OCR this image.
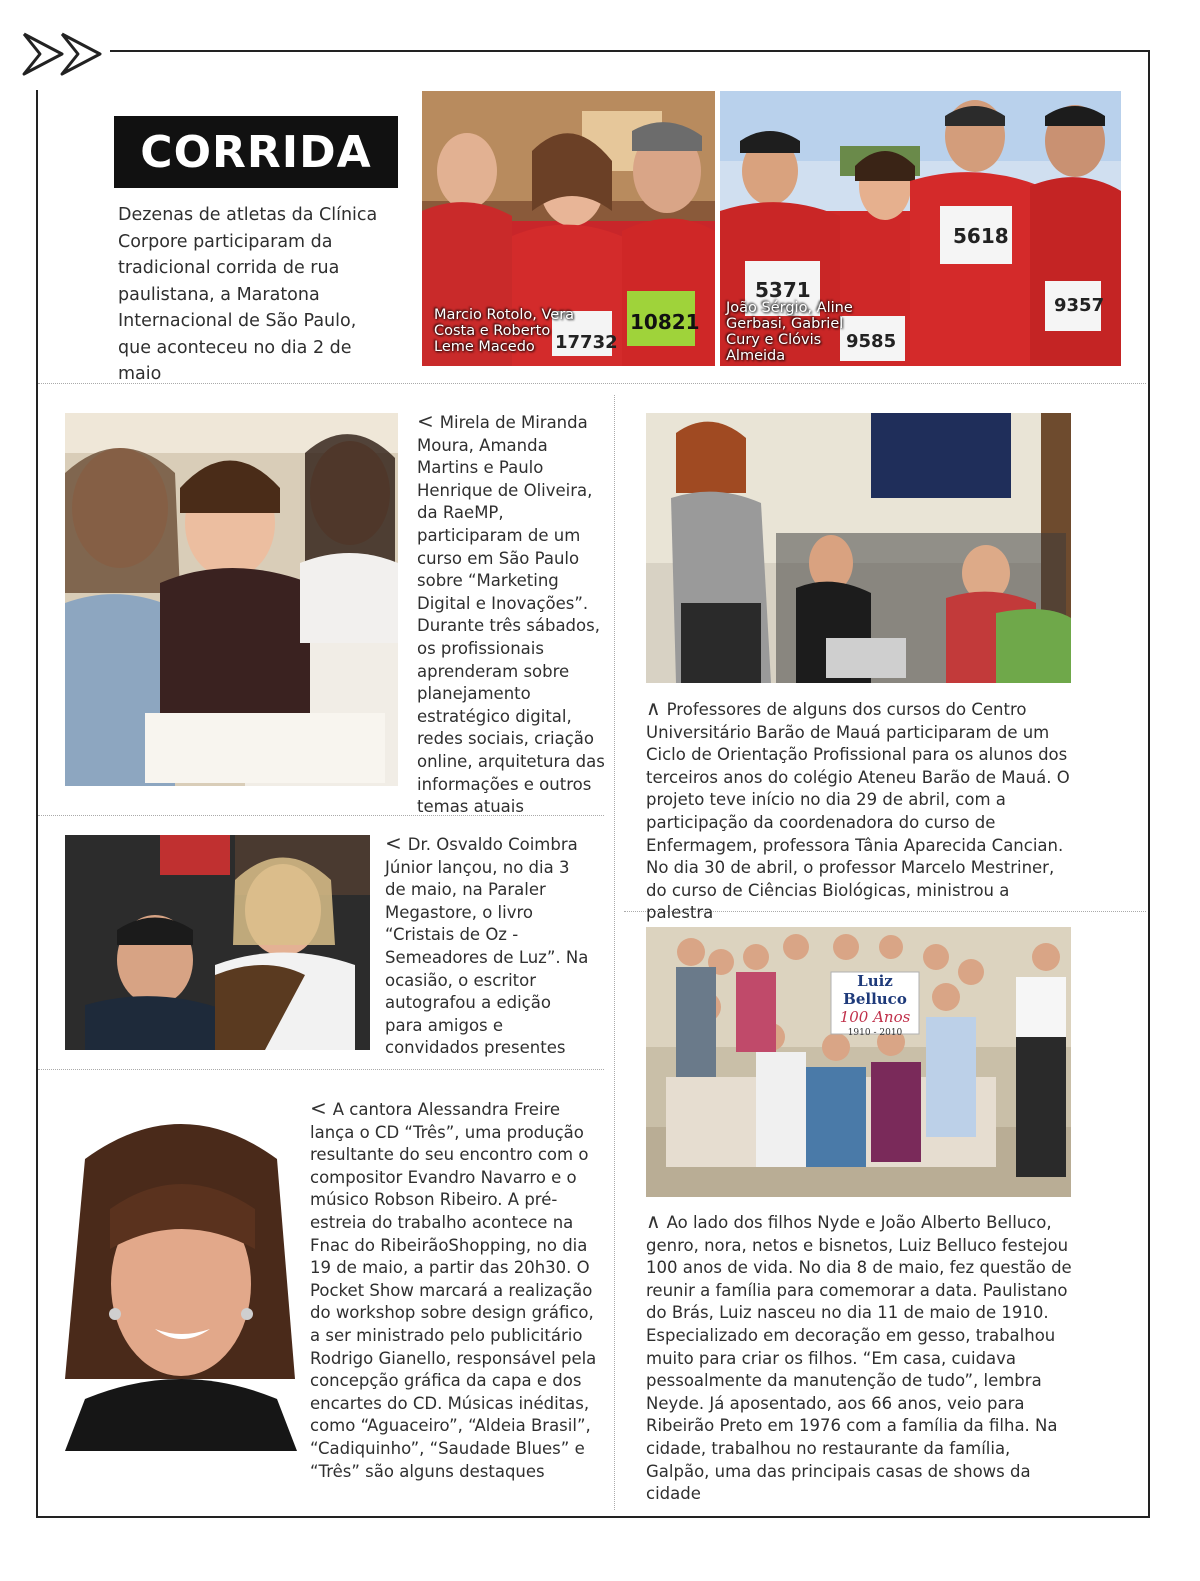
CORRIDA
Dezenas de atletas da Clínica Corpore participaram da tradicional corrida de rua paulistana, a Maratona Internacional de São Paulo, que aconteceu no dia 2 de maio
Marcio Rotolo, Vera Costa e Roberto Leme Macedo
10821
17732
João Sérgio, Aline Gerbasi, Gabriel Cury e Clóvis Almeida
5371
9585
5618
9357
< Mirela de Miranda Moura, Amanda Martins e Paulo Henrique de Oliveira, da RaeMP, participaram de um curso em São Paulo sobre “Marketing Digital e Inovações”. Durante três sábados, os profissionais aprenderam sobre planejamento estratégico digital, redes sociais, criação online, arquitetura das informações e outros temas atuais
∧ Professores de alguns dos cursos do Centro Universitário Barão de Mauá participaram de um Ciclo de Orientação Profissional para os alunos dos terceiros anos do colégio Ateneu Barão de Mauá. O projeto teve início no dia 29 de abril, com a participação da coordenadora do curso de Enfermagem, professora Tânia Aparecida Cancian. No dia 30 de abril, o professor Marcelo Mestriner, do curso de Ciências Biológicas, ministrou a palestra
< Dr. Osvaldo Coimbra Júnior lançou, no dia 3 de maio, na Paraler Megastore, o livro “Cristais de Oz - Semeadores de Luz”. Na ocasião, o escritor autografou a edição para amigos e convidados presentes
< A cantora Alessandra Freire lança o CD “Três”, uma produção resultante do seu encontro com o compositor Evandro Navarro e o músico Robson Ribeiro. A pré-estreia do trabalho acontece na Fnac do RibeirãoShopping, no dia 19 de maio, a partir das 20h30. O Pocket Show marcará a realização do workshop sobre design gráfico, a ser ministrado pelo publicitário Rodrigo Gianello, responsável pela concepção gráfica da capa e dos encartes do CD. Músicas inéditas, como “Aguaceiro”, “Aldeia Brasil”, “Cadiquinho”, “Saudade Blues” e “Três” são alguns destaques
Luiz Belluco
100 Anos
1910 - 2010
∧ Ao lado dos filhos Nyde e João Alberto Belluco, genro, nora, netos e bisnetos, Luiz Belluco festejou 100 anos de vida. No dia 8 de maio, fez questão de reunir a família para comemorar a data. Paulistano do Brás, Luiz nasceu no dia 11 de maio de 1910. Especializado em decoração em gesso, trabalhou muito para criar os filhos. “Em casa, cuidava pessoalmente da manutenção de tudo”, lembra Neyde. Já aposentado, aos 66 anos, veio para Ribeirão Preto em 1976 com a família da filha. Na cidade, trabalhou no restaurante da família, Galpão, uma das principais casas de shows da cidade
